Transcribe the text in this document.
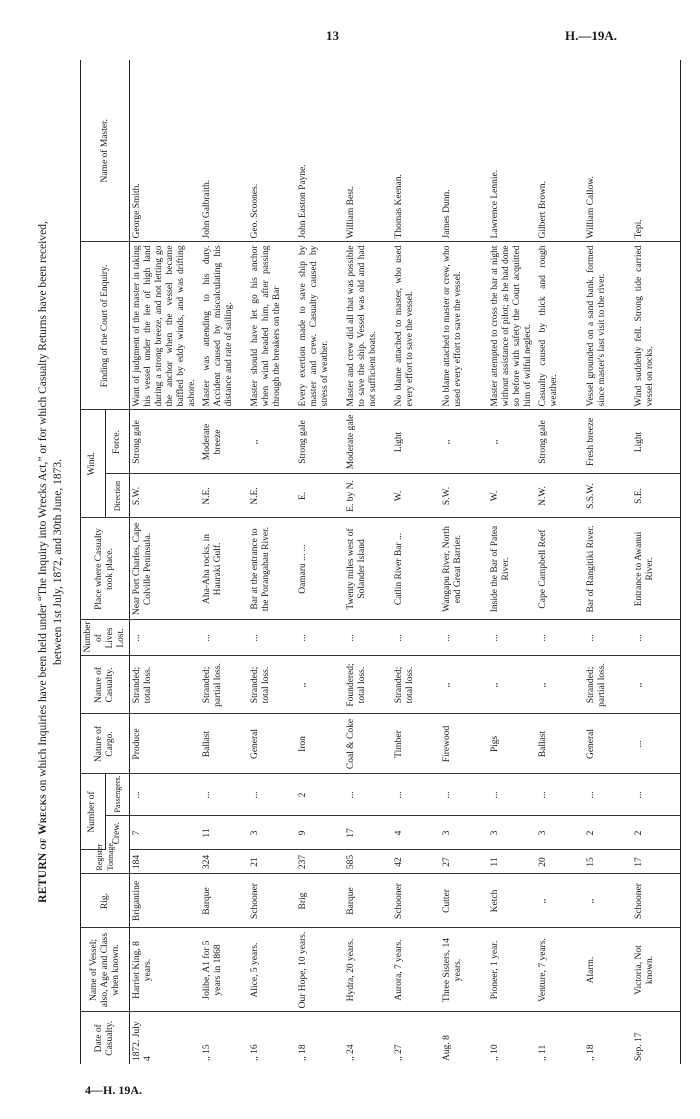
13	H.—19A.
4—H. 19A.
RETURN of Wrecks on which Inquiries have been held under “The Inquiry into Wrecks Act,” or for which Casualty Returns have been received, between 1st July, 1872, and 30th June, 1873.
Date of Casualty.	Name of Vessel; also, Age and Class when known.	Rig.	Register Tonnage.	Number of		Nature of Cargo.	Nature of Casualty.	Number of Lives Lost.	Place where Casualty took place.	Wind.		Finding of the Court of Enquiry.	Name of Master.
				Crew.	Passengers.					Direction	Force.		
1872. July 4	Harriet King, 8 years.	Brigantine	184	7	...	Produce	Stranded; total loss.	...	Near Port Charles, Cape Colville Peninsula.	S.W.	Strong gale	Want of judgment of the master in taking his vessel under the lee of high land during a strong breeze, and not letting go the anchor when the vessel became baffled by eddy winds, and was drifting ashore.	George Smith.
,, 15	Jolibe, A1 for 5 years in 1868	Barque	324	11	...	Ballast	Stranded; partial loss.	...	Aha-Aha rocks, in Hauraki Gulf.	N.E.	Moderate breeze	Master was attending to his duty. Accident caused by miscalculating his distance and rate of sailing.	John Galbraith.
,, 16	Alice, 5 years.	Schooner	21	3	...	General	Stranded; total loss.	...	Bar at the entrance to the Porangahau River.	N.E.	,,	Master should have let go his anchor when wind headed him, after passing through the breakers on the Bar	Geo. Scoones.
,, 18	Our Hope, 10 years.	Brig	237	9	2	Iron	,,	...	Oamaru ... ...	E.	Strong gale	Every exertion made to save ship by master and crew. Casualty caused by stress of weather.	John Easton Payne.
,, 24	Hydra, 20 years.	Barque	585	17	...	Coal & Coke	Foundered; total loss.	...	Twenty miles west of Solander Island	E. by N.	Moderate gale	Master and crew did all that was possible to save the ship. Vessel was old and had not sufficient boats.	William Best.
,, 27	Aurora, 7 years.	Schooner	42	4	...	Timber	Stranded; total loss.	...	Catlin River Bar ...	W.	Light	No blame attached to master, who used every effort to save the vessel.	Thomas Keenan.
Aug. 8	Three Sisters, 14 years.	Cutter	27	3	...	Firewood	,,	...	Wangapu River, North end Great Barrier.	S.W.	,,	No blame attached to master or crew, who used every effort to save the vessel.	James Dunn.
,, 10	Pioneer, 1 year.	Ketch	11	3	...	Pigs	,,	...	Inside the Bar of Patea River.	W.	,,	Master attempted to cross the bar at night without assistance of pilot; as he had done so before with safety the Court acquitted him of wilful neglect.	Lawrence Lennie.
,, 11	Venture, 7 years.	,,	20	3	...	Ballast	,,	...	Cape Campbell Reef	N.W.	Strong gale	Casualty caused by thick and rough weather.	Gilbert Brown.
,, 18	Alarm.	,,	15	2	...	General	Stranded; partial loss.	...	Bar of Rangitiki River.	S.S.W.	Fresh breeze	Vessel grounded on a sand bank, formed since master's last visit to the river.	William Callow.
Sep. 17	Victoria, Not known.	Schooner	17	2	...	...	,,	...	Entrance to Awanui River.	S.E.	Light	Wind suddenly fell. Strong tide carried vessel on rocks.	Tepi.
